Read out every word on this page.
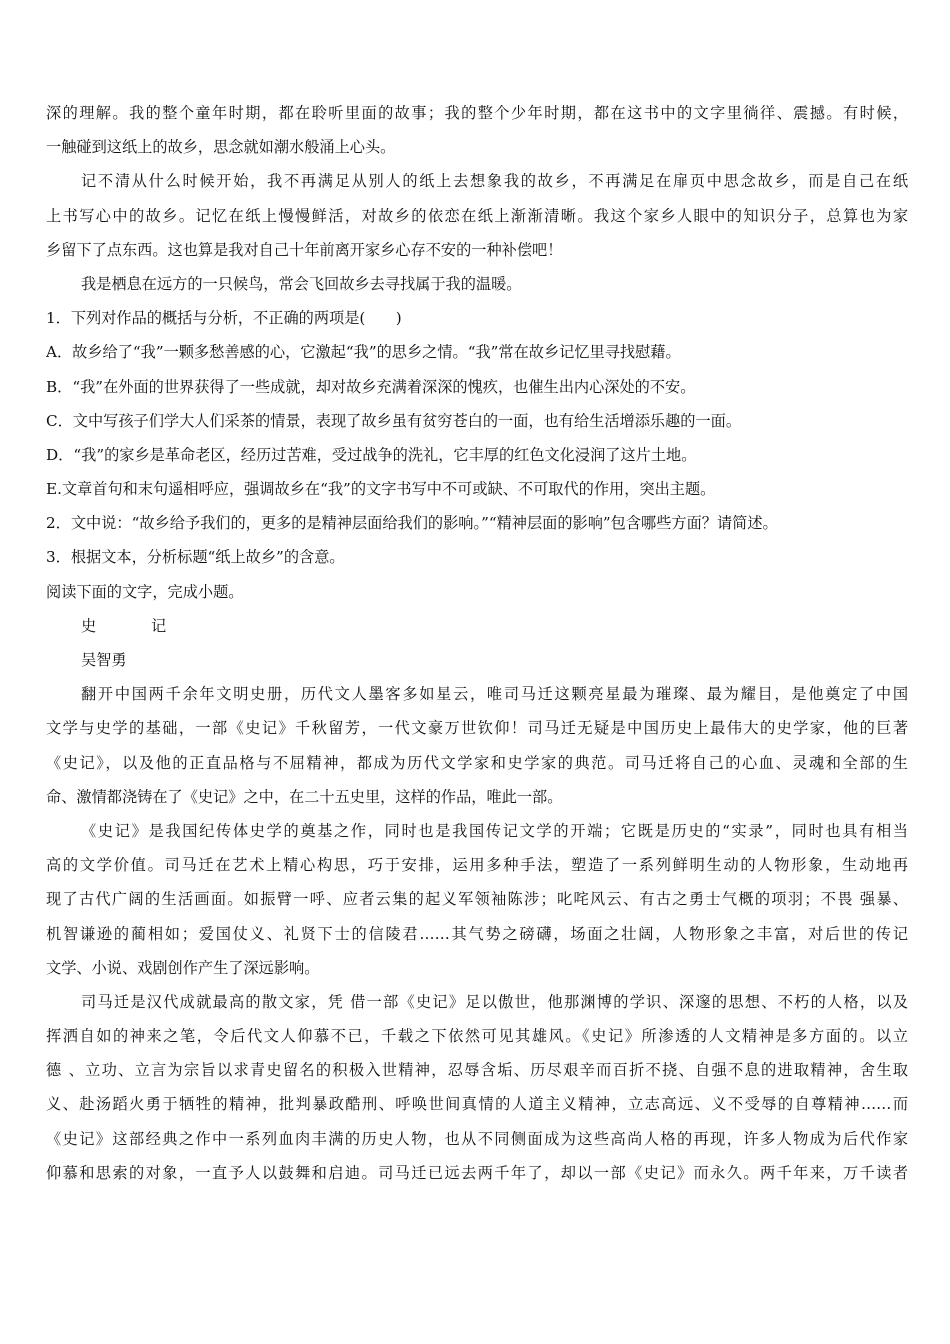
深的理解。我的整个童年时期，都在聆听里面的故事；我的整个少年时期，都在这书中的文字里徜徉、震撼。有时候，
一触碰到这纸上的故乡，思念就如潮水般涌上心头。
记不清从什么时候开始，我不再满足从别人的纸上去想象我的故乡，不再满足在扉页中思念故乡，而是自己在纸
上书写心中的故乡。记忆在纸上慢慢鲜活，对故乡的依恋在纸上渐渐清晰。我这个家乡人眼中的知识分子，总算也为家
乡留下了点东西。这也算是我对自己十年前离开家乡心存不安的一种补偿吧！
我是栖息在远方的一只候鸟，常会飞回故乡去寻找属于我的温暖。
1．下列对作品的概括与分析，不正确的两项是(　　)
A．故乡给了“我”一颗多愁善感的心，它激起“我”的思乡之情。“我”常在故乡记忆里寻找慰藉。
B．“我”在外面的世界获得了一些成就，却对故乡充满着深深的愧疚，也催生出内心深处的不安。
C．文中写孩子们学大人们采茶的情景，表现了故乡虽有贫穷苍白的一面，也有给生活增添乐趣的一面。
D．“我”的家乡是革命老区，经历过苦难，受过战争的洗礼，它丰厚的红色文化浸润了这片土地。
E.文章首句和末句遥相呼应，强调故乡在“我”的文字书写中不可或缺、不可取代的作用，突出主题。
2．文中说：“故乡给予我们的，更多的是精神层面给我们的影响。”“精神层面的影响”包含哪些方面？请简述。
3．根据文本，分析标题“纸上故乡”的含意。
阅读下面的文字，完成小题。
史	记
吴智勇
翻开中国两千余年文明史册，历代文人墨客多如星云，唯司马迁这颗亮星最为璀璨、最为耀目，是他奠定了中国
文学与史学的基础，一部《史记》千秋留芳，一代文豪万世钦仰！司马迁无疑是中国历史上最伟大的史学家，他的巨著
《史记》，以及他的正直品格与不屈精神，都成为历代文学家和史学家的典范。司马迁将自己的心血、灵魂和全部的生
命、激情都浇铸在了《史记》之中，在二十五史里，这样的作品，唯此一部。
《史记》是我国纪传体史学的奠基之作，同时也是我国传记文学的开端；它既是历史的“实录”，同时也具有相当
高的文学价值。司马迁在艺术上精心构思，巧于安排，运用多种手法，塑造了一系列鲜明生动的人物形象，生动地再
现了古代广阔的生活画面。如振臂一呼、应者云集的起义军领袖陈涉；叱咤风云、有古之勇士气概的项羽；不畏 强暴、
机智谦逊的蔺相如；爱国仗义、礼贤下士的信陵君……其气势之磅礴，场面之壮阔，人物形象之丰富，对后世的传记
文学、小说、戏剧创作产生了深远影响。
司马迁是汉代成就最高的散文家，凭 借一部《史记》足以傲世，他那渊博的学识、深邃的思想、不朽的人格，以及
挥洒自如的神来之笔，令后代文人仰慕不已，千载之下依然可见其雄风。《史记》所渗透的人文精神是多方面的。以立
德 、立功、立言为宗旨以求青史留名的积极入世精神，忍辱含垢、历尽艰辛而百折不挠、自强不息的进取精神，舍生取
义、赴汤蹈火勇于牺牲的精神，批判暴政酷刑、呼唤世间真情的人道主义精神，立志高远、义不受辱的自尊精神……而
《史记》这部经典之作中一系列血肉丰满的历史人物，也从不同侧面成为这些高尚人格的再现，许多人物成为后代作家
仰慕和思索的对象，一直予人以鼓舞和启迪。司马迁已远去两千年了，却以一部《史记》而永久。两千年来，万千读者
